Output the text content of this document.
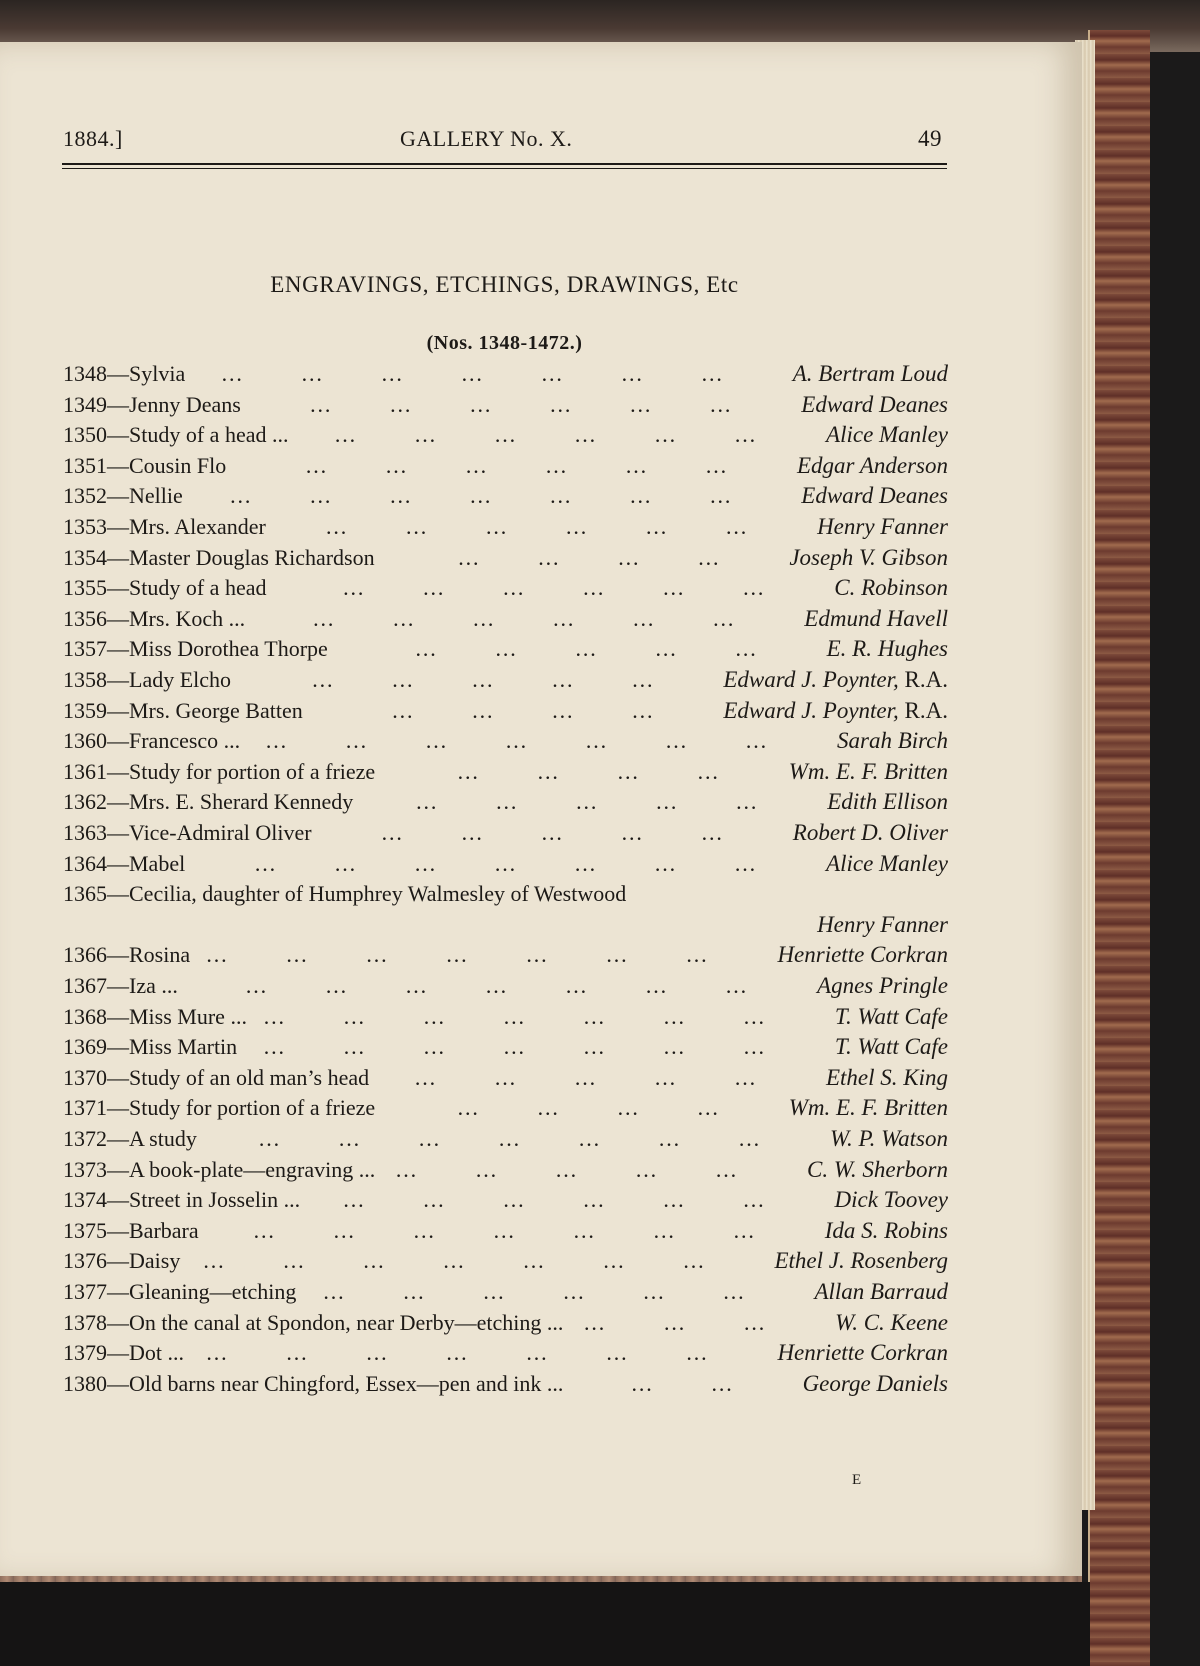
1884.]	GALLERY No. X.	49
ENGRAVINGS, ETCHINGS, DRAWINGS, Etc
(Nos. 1348-1472.)
1348—Sylvia	A. Bertram Loud
…………………
1349—Jenny Deans	Edward Deanes
………………
1350—Study of a head ...	Alice Manley
………………
1351—Cousin Flo	Edgar Anderson
………………
1352—Nellie	Edward Deanes
…………………
1353—Mrs. Alexander	Henry Fanner
………………
1354—Master Douglas Richardson	Joseph V. Gibson
…………
1355—Study of a head	C. Robinson
………………
1356—Mrs. Koch ...	Edmund Havell
………………
1357—Miss Dorothea Thorpe	E. R. Hughes
……………
1358—Lady Elcho	Edward J. Poynter, R.A.
……………
1359—Mrs. George Batten	Edward J. Poynter, R.A.
…………
1360—Francesco ...	Sarah Birch
…………………
1361—Study for portion of a frieze	Wm. E. F. Britten
…………
1362—Mrs. E. Sherard Kennedy	Edith Ellison
……………
1363—Vice-Admiral Oliver	Robert D. Oliver
……………
1364—Mabel	Alice Manley
…………………
1365—Cecilia, daughter of Humphrey Walmesley of Westwood
Henry Fanner
1366—Rosina	Henriette Corkran
…………………
1367—Iza ...	Agnes Pringle
…………………
1368—Miss Mure ...	T. Watt Cafe
…………………
1369—Miss Martin	T. Watt Cafe
…………………
1370—Study of an old man’s head	Ethel S. King
……………
1371—Study for portion of a frieze	Wm. E. F. Britten
…………
1372—A study	W. P. Watson
…………………
1373—A book-plate—engraving ...	C. W. Sherborn
……………
1374—Street in Josselin ...	Dick Toovey
………………
1375—Barbara	Ida S. Robins
…………………
1376—Daisy	Ethel J. Rosenberg
…………………
1377—Gleaning—etching	Allan Barraud
………………
1378—On the canal at Spondon, near Derby—etching ...	W. C. Keene
………
1379—Dot ...	Henriette Corkran
…………………
1380—Old barns near Chingford, Essex—pen and ink ...	George Daniels
……
E
